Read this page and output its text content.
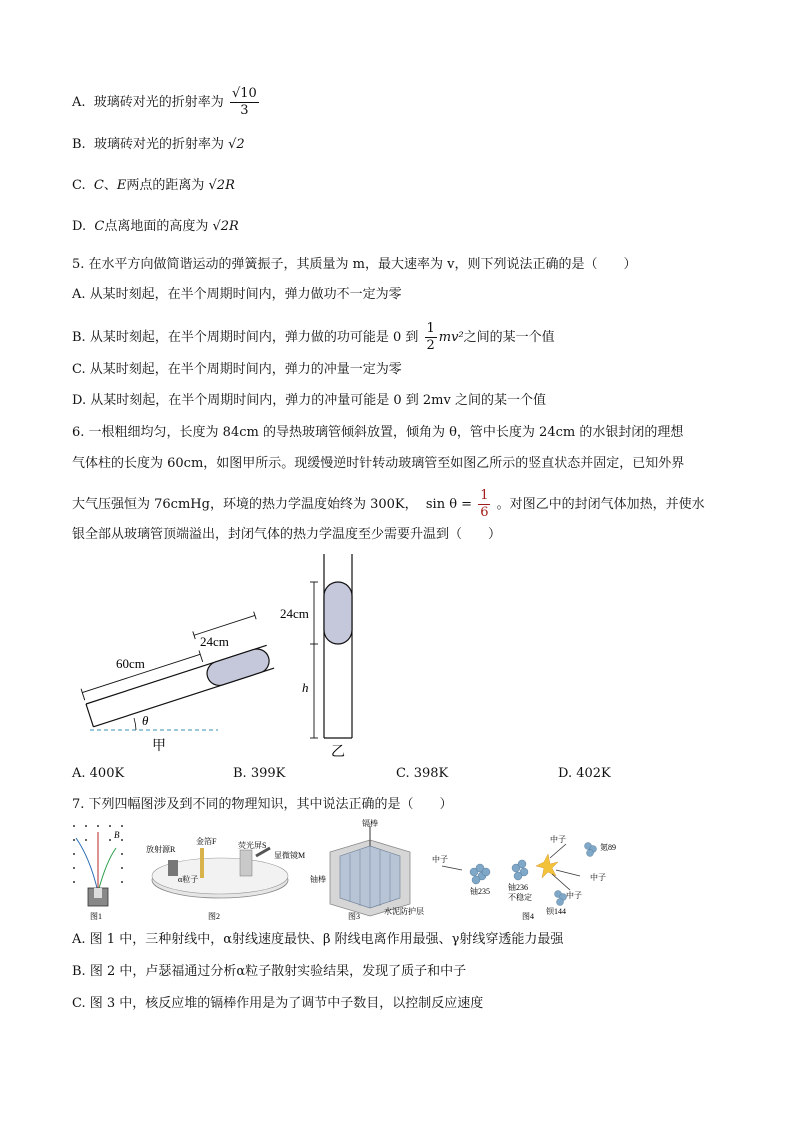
A. 玻璃砖对光的折射率为 $\frac{√10}{3}$
B. 玻璃砖对光的折射率为 √2
C. C、E两点的距离为 √2R
D. C点离地面的高度为 √2R
5. 在水平方向做简谐运动的弹簧振子，其质量为 m，最大速率为 v，则下列说法正确的是（　　）
A. 从某时刻起，在半个周期时间内，弹力做功不一定为零
B. 从某时刻起，在半个周期时间内，弹力做的功可能是 0 到 $\frac{1}{2} mv^2$之间的某一个值
C. 从某时刻起，在半个周期时间内，弹力的冲量一定为零
D. 从某时刻起，在半个周期时间内，弹力的冲量可能是 0 到 2mv 之间的某一个值
6. 一根粗细均匀，长度为 84cm 的导热玻璃管倾斜放置，倾角为 θ，管中长度为 24cm 的水银封闭的理想
气体柱的长度为 60cm，如图甲所示。现缓慢逆时针转动玻璃管至如图乙所示的竖直状态并固定，已知外界
大气压强恒为 76cmHg，环境的热力学温度始终为 300K， $\sin \theta = \frac{1}{6}$ 。对图乙中的封闭气体加热，并使水
银全部从玻璃管顶端溢出，封闭气体的热力学温度至少需要升温到（　　）
60cm
24cm
θ
甲
24cm
h
乙
A. 400K	B. 399K	C. 398K	D. 402K
7. 下列四幅图涉及到不同的物理知识，其中说法正确的是（　　）
B
图1
放射源R
金箔F	荧光屏S
显微镜M
α粒子
图2
镉棒
铀棒
水泥防护层
图3
中子
铀235 铀236
不稳定
氪89
钡144
中子
中子
中子
图4
A. 图 1 中，三种射线中，α射线速度最快、β 附线电离作用最强、γ射线穿透能力最强
B. 图 2 中，卢瑟福通过分析α粒子散射实验结果，发现了质子和中子
C. 图 3 中，核反应堆的镉棒作用是为了调节中子数目，以控制反应速度
